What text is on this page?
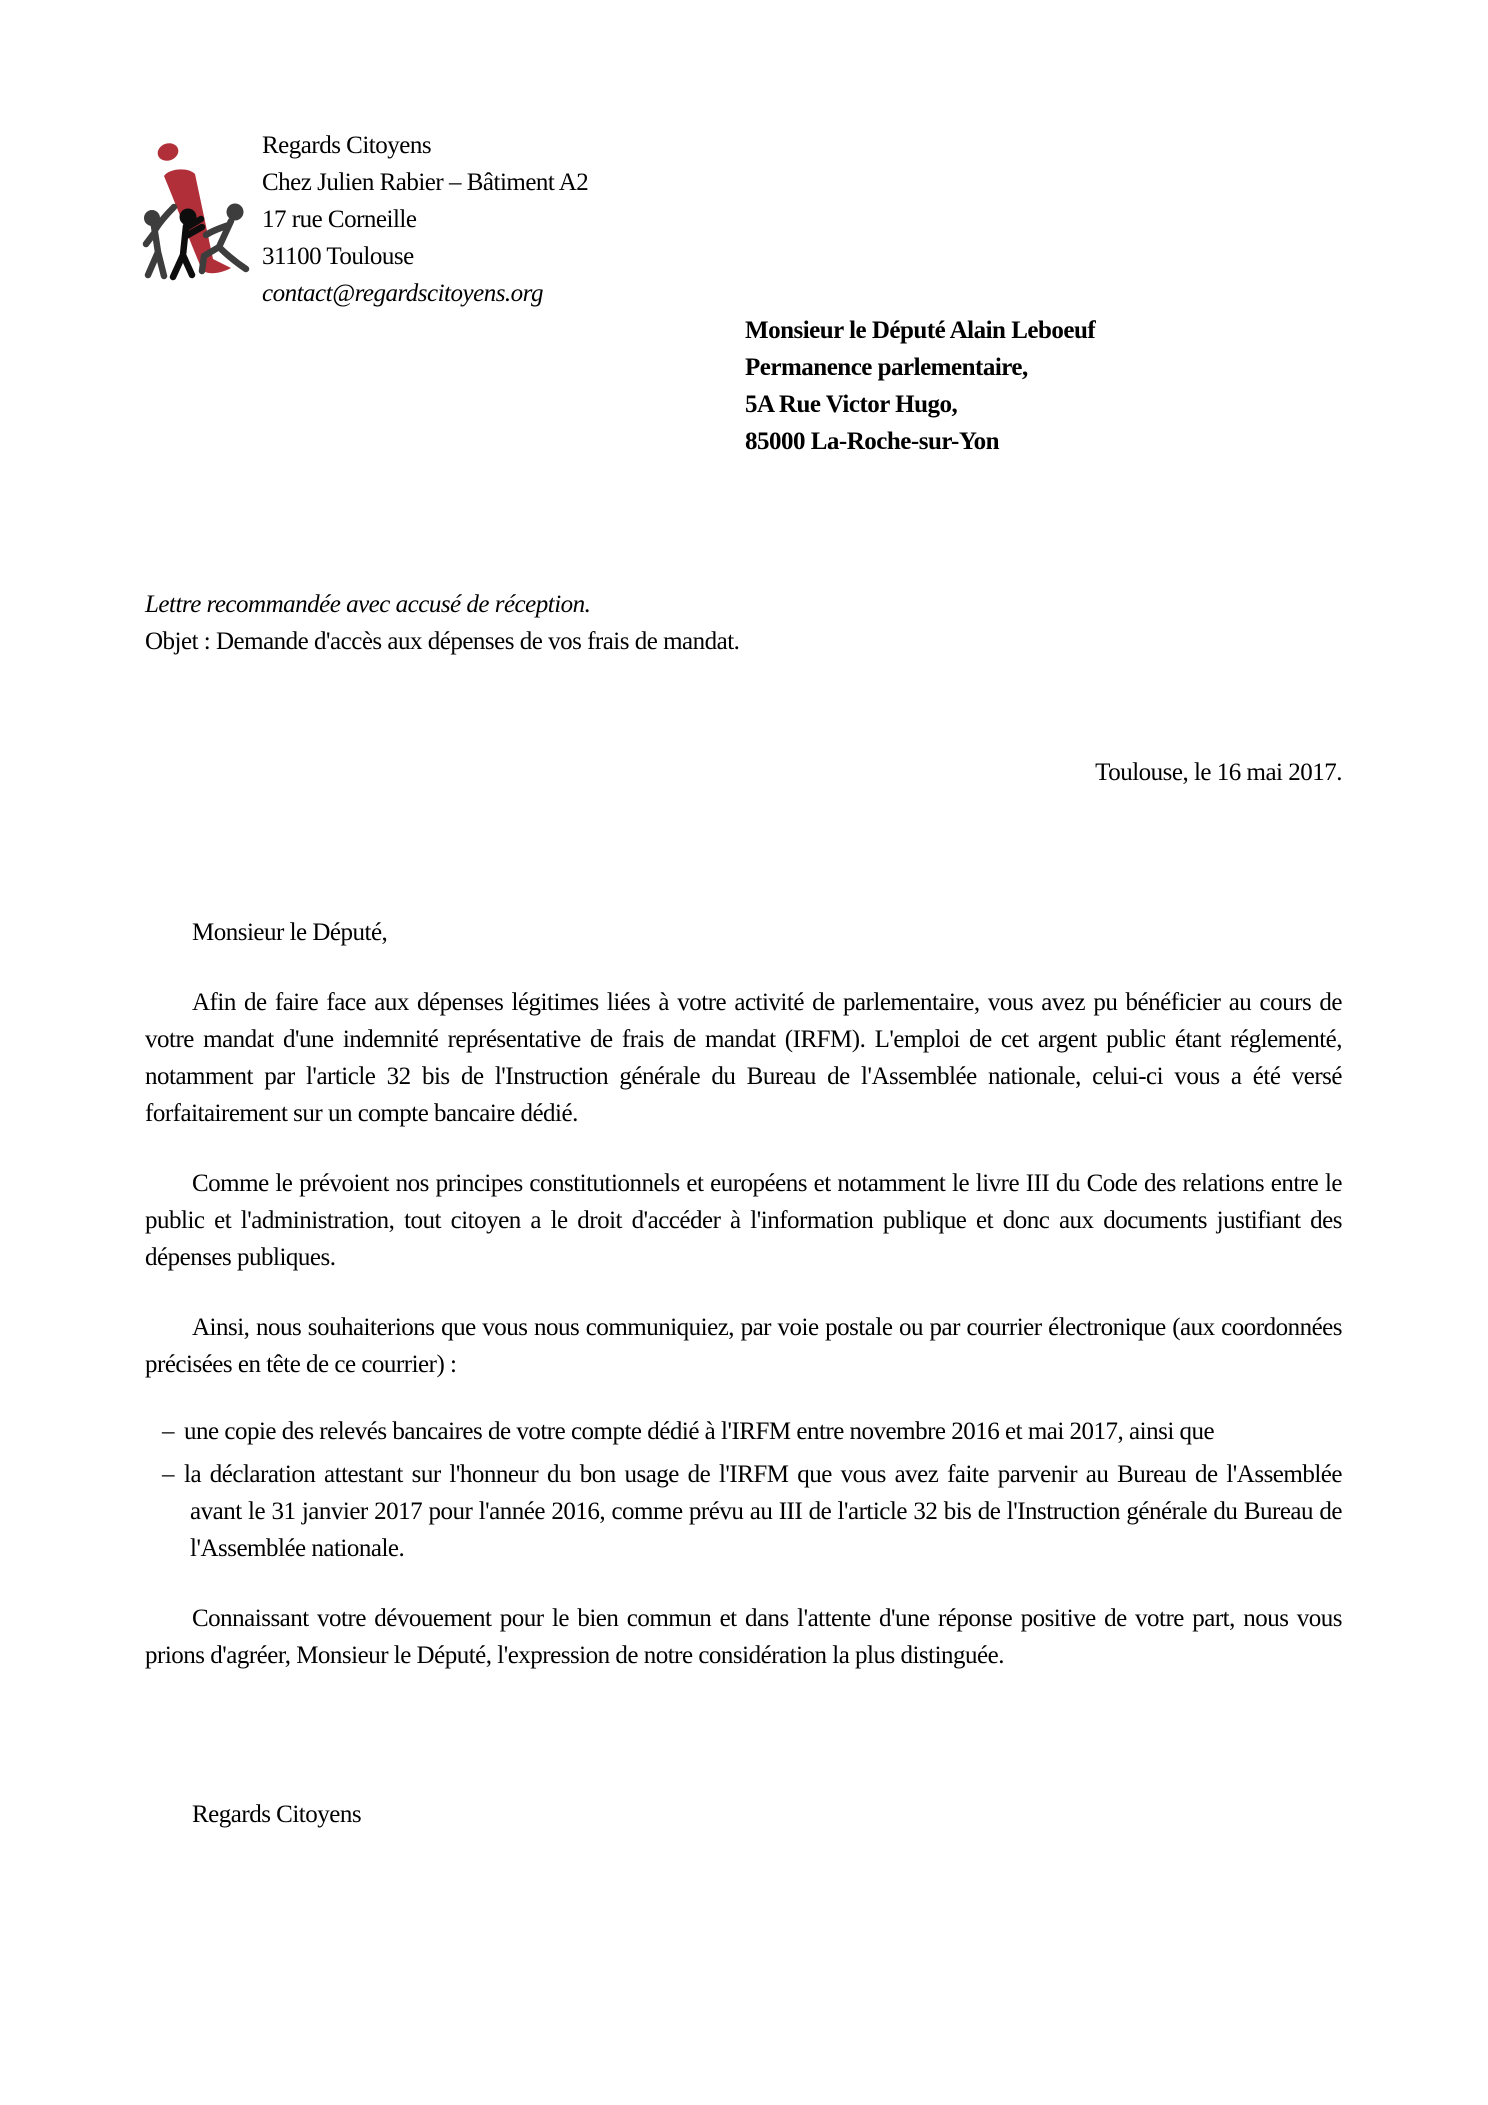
Regards Citoyens
Chez Julien Rabier – Bâtiment A2
17 rue Corneille
31100 Toulouse
contact@regardscitoyens.org
Monsieur le Député Alain Leboeuf
Permanence parlementaire,
5A Rue Victor Hugo,
85000 La-Roche-sur-Yon
Lettre recommandée avec accusé de réception.
Objet : Demande d'accès aux dépenses de vos frais de mandat.
Toulouse, le 16 mai 2017.
Monsieur le Député,

Afin de faire face aux dépenses légitimes liées à votre activité de parlementaire, vous avez pu bénéficier au cours de votre mandat d'une indemnité représentative de frais de mandat (IRFM). L'emploi de cet argent public étant réglementé, notamment par l'article 32 bis de l'Instruction générale du Bureau de l'Assemblée nationale, celui-ci vous a été versé forfaitairement sur un compte bancaire dédié.

Comme le prévoient nos principes constitutionnels et européens et notamment le livre III du Code des relations entre le public et l'administration, tout citoyen a le droit d'accéder à l'information publique et donc aux documents justifiant des dépenses publiques.

Ainsi, nous souhaiterions que vous nous communiquiez, par voie postale ou par courrier électronique (aux coordonnées précisées en tête de ce courrier) :

– une copie des relevés bancaires de votre compte dédié à l'IRFM entre novembre 2016 et mai 2017, ainsi que
– la déclaration attestant sur l'honneur du bon usage de l'IRFM que vous avez faite parvenir au Bureau de l'Assemblée avant le 31 janvier 2017 pour l'année 2016, comme prévu au III de l'article 32 bis de l'Instruction générale du Bureau de l'Assemblée nationale.

Connaissant votre dévouement pour le bien commun et dans l'attente d'une réponse positive de votre part, nous vous prions d'agréer, Monsieur le Député, l'expression de notre considération la plus distinguée.

Regards Citoyens
